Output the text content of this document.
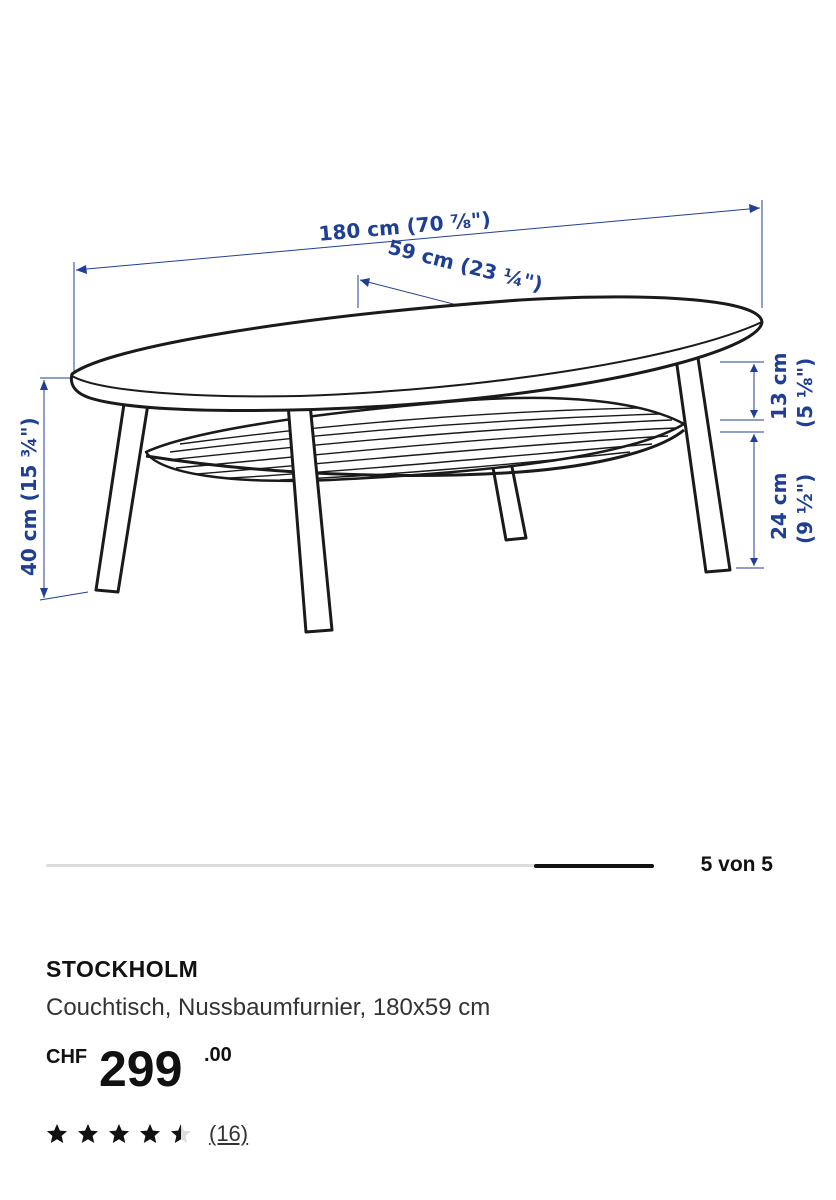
180 cm (70 ⅞")
59 cm (23 ¼")
40 cm (15 ¾")
13 cm (5 ⅛")
24 cm (9 ½")
5 von 5
STOCKHOLM
Couchtisch, Nussbaumfurnier, 180x59 cm
CHF 299 .00
(16)
